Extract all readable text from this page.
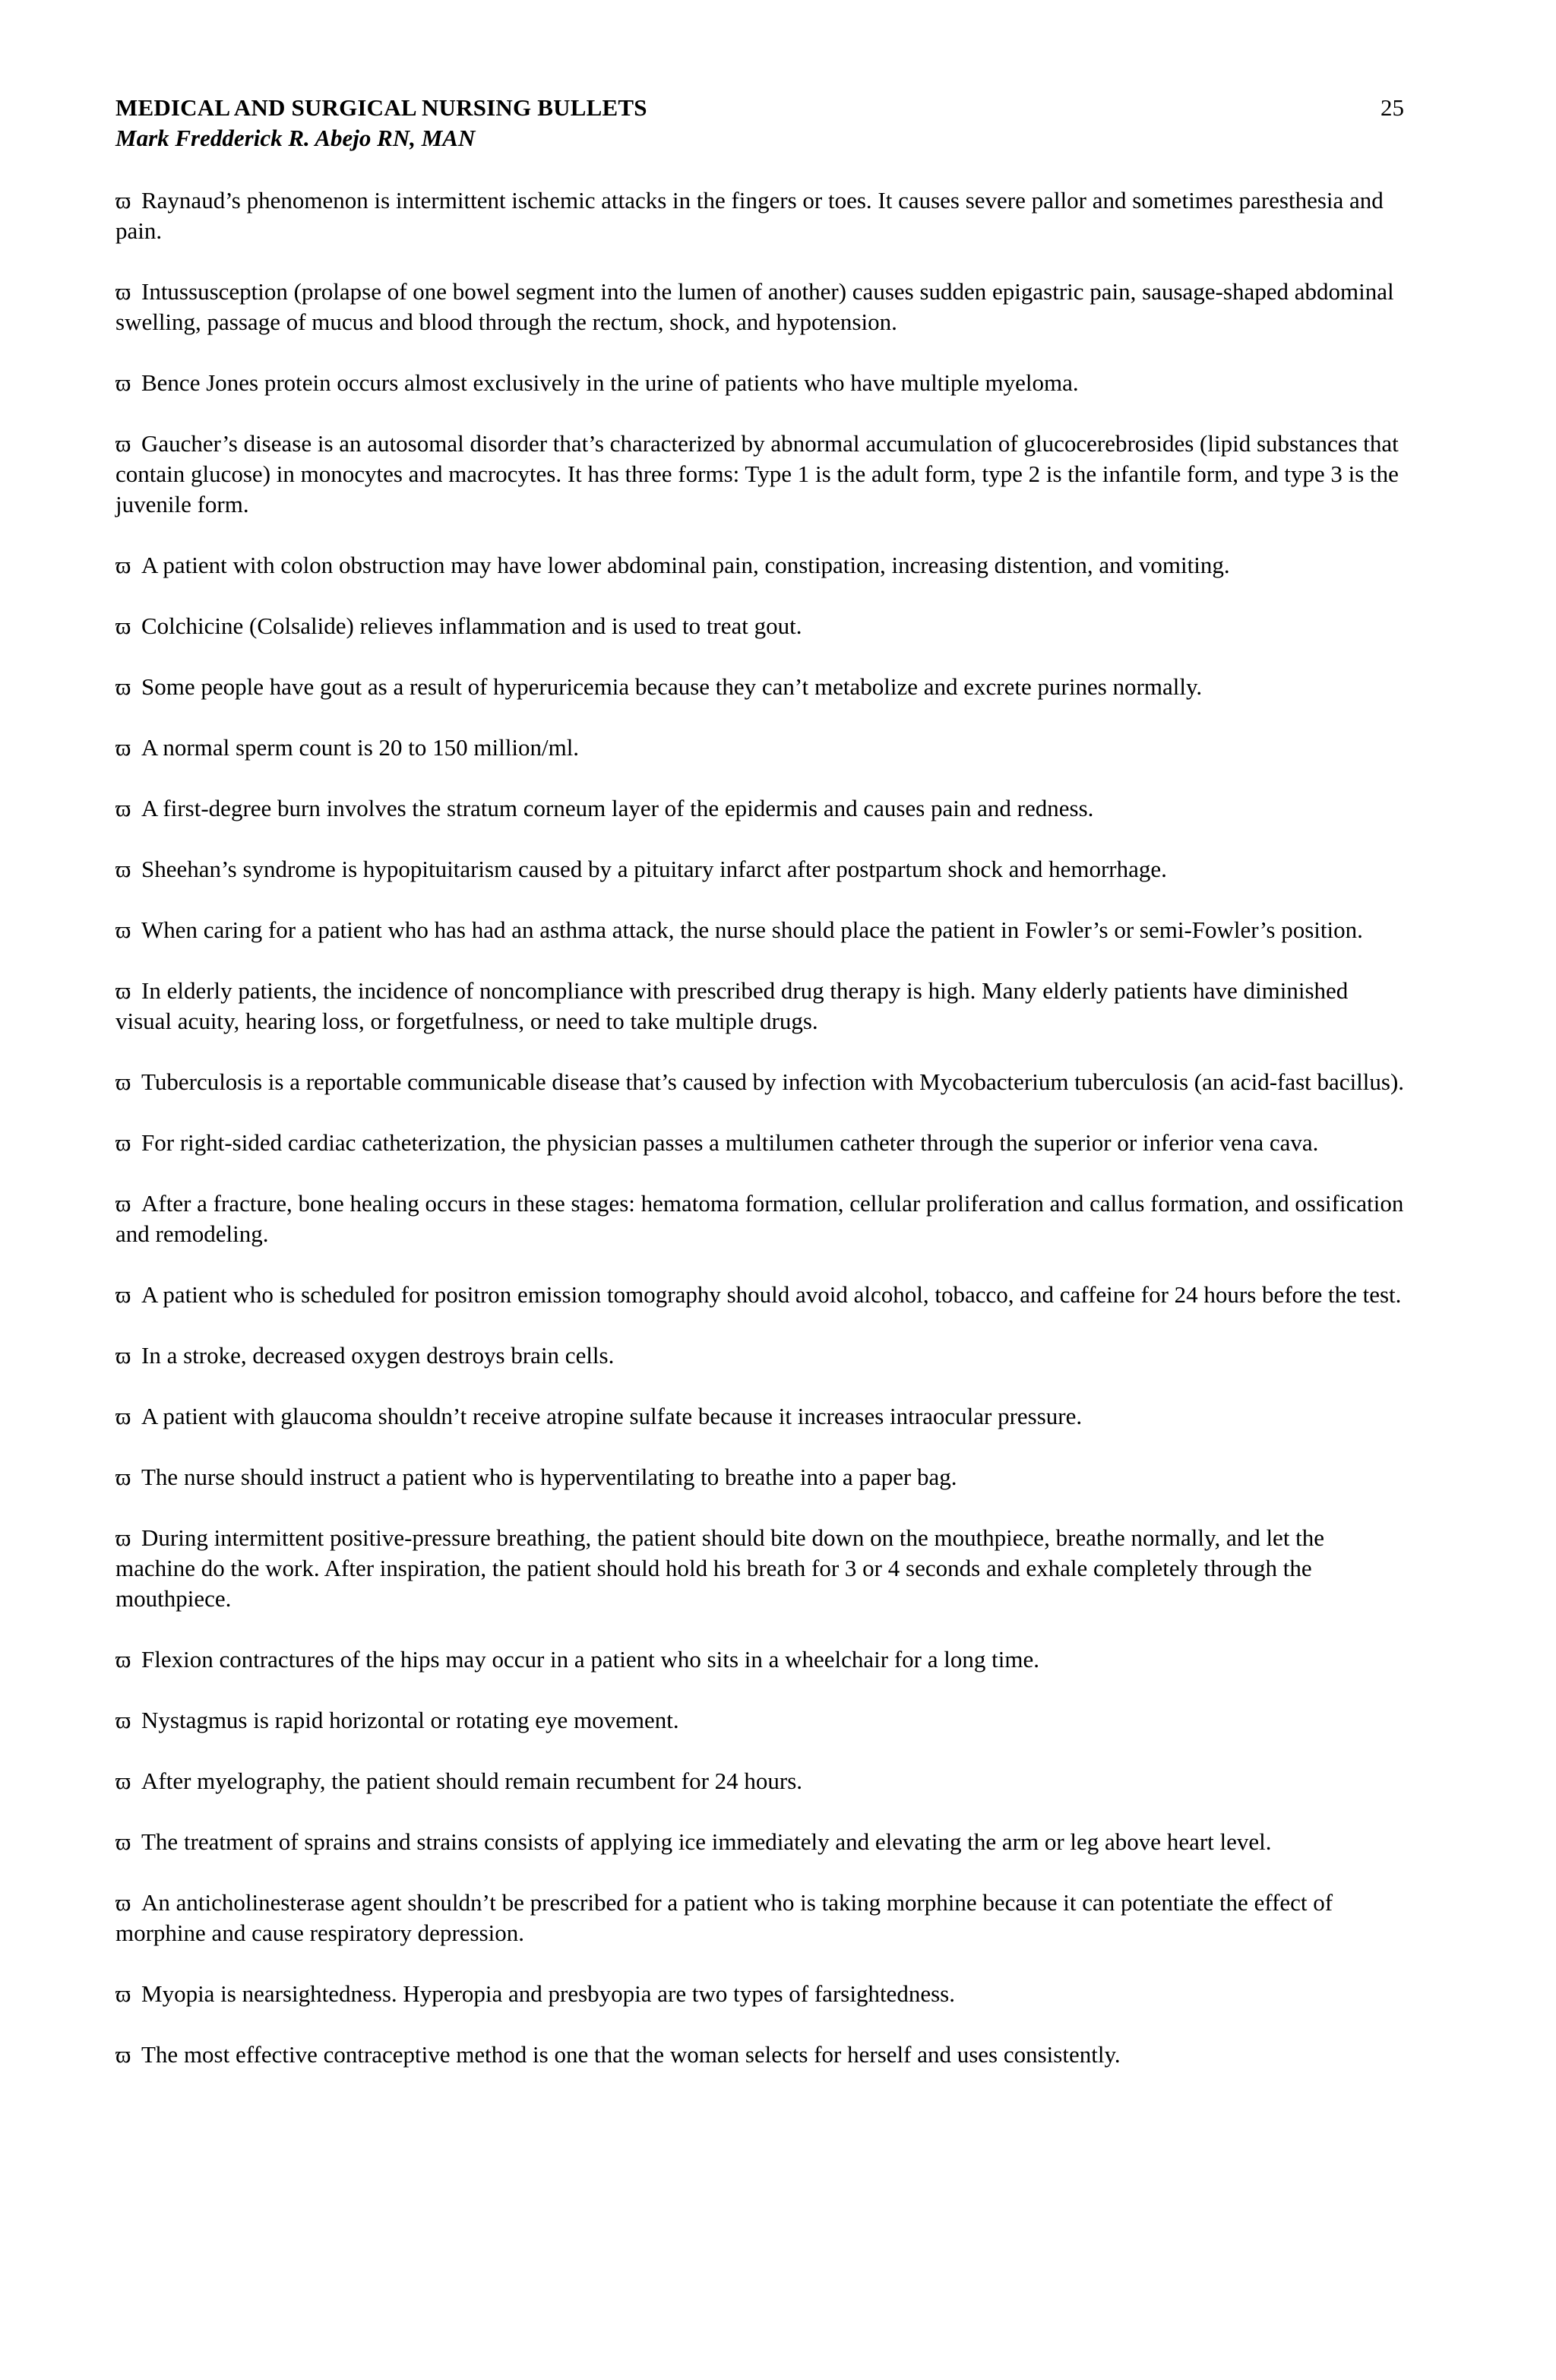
MEDICAL AND SURGICAL NURSING BULLETS
Mark Fredderick R. Abejo RN, MAN
25
ϖ Raynaud’s phenomenon is intermittent ischemic attacks in the fingers or toes. It causes severe pallor and sometimes paresthesia and pain.
ϖ Intussusception (prolapse of one bowel segment into the lumen of another) causes sudden epigastric pain, sausage-shaped abdominal swelling, passage of mucus and blood through the rectum, shock, and hypotension.
ϖ Bence Jones protein occurs almost exclusively in the urine of patients who have multiple myeloma.
ϖ Gaucher’s disease is an autosomal disorder that’s characterized by abnormal accumulation of glucocerebrosides (lipid substances that contain glucose) in monocytes and macrocytes. It has three forms: Type 1 is the adult form, type 2 is the infantile form, and type 3 is the juvenile form.
ϖ A patient with colon obstruction may have lower abdominal pain, constipation, increasing distention, and vomiting.
ϖ Colchicine (Colsalide) relieves inflammation and is used to treat gout.
ϖ Some people have gout as a result of hyperuricemia because they can’t metabolize and excrete purines normally.
ϖ A normal sperm count is 20 to 150 million/ml.
ϖ A first-degree burn involves the stratum corneum layer of the epidermis and causes pain and redness.
ϖ Sheehan’s syndrome is hypopituitarism caused by a pituitary infarct after postpartum shock and hemorrhage.
ϖ When caring for a patient who has had an asthma attack, the nurse should place the patient in Fowler’s or semi-Fowler’s position.
ϖ In elderly patients, the incidence of noncompliance with prescribed drug therapy is high. Many elderly patients have diminished visual acuity, hearing loss, or forgetfulness, or need to take multiple drugs.
ϖ Tuberculosis is a reportable communicable disease that’s caused by infection with Mycobacterium tuberculosis (an acid-fast bacillus).
ϖ For right-sided cardiac catheterization, the physician passes a multilumen catheter through the superior or inferior vena cava.
ϖ After a fracture, bone healing occurs in these stages: hematoma formation, cellular proliferation and callus formation, and ossification and remodeling.
ϖ A patient who is scheduled for positron emission tomography should avoid alcohol, tobacco, and caffeine for 24 hours before the test.
ϖ In a stroke, decreased oxygen destroys brain cells.
ϖ A patient with glaucoma shouldn’t receive atropine sulfate because it increases intraocular pressure.
ϖ The nurse should instruct a patient who is hyperventilating to breathe into a paper bag.
ϖ During intermittent positive-pressure breathing, the patient should bite down on the mouthpiece, breathe normally, and let the machine do the work. After inspiration, the patient should hold his breath for 3 or 4 seconds and exhale completely through the mouthpiece.
ϖ Flexion contractures of the hips may occur in a patient who sits in a wheelchair for a long time.
ϖ Nystagmus is rapid horizontal or rotating eye movement.
ϖ After myelography, the patient should remain recumbent for 24 hours.
ϖ The treatment of sprains and strains consists of applying ice immediately and elevating the arm or leg above heart level.
ϖ An anticholinesterase agent shouldn’t be prescribed for a patient who is taking morphine because it can potentiate the effect of morphine and cause respiratory depression.
ϖ Myopia is nearsightedness. Hyperopia and presbyopia are two types of farsightedness.
ϖ The most effective contraceptive method is one that the woman selects for herself and uses consistently.
